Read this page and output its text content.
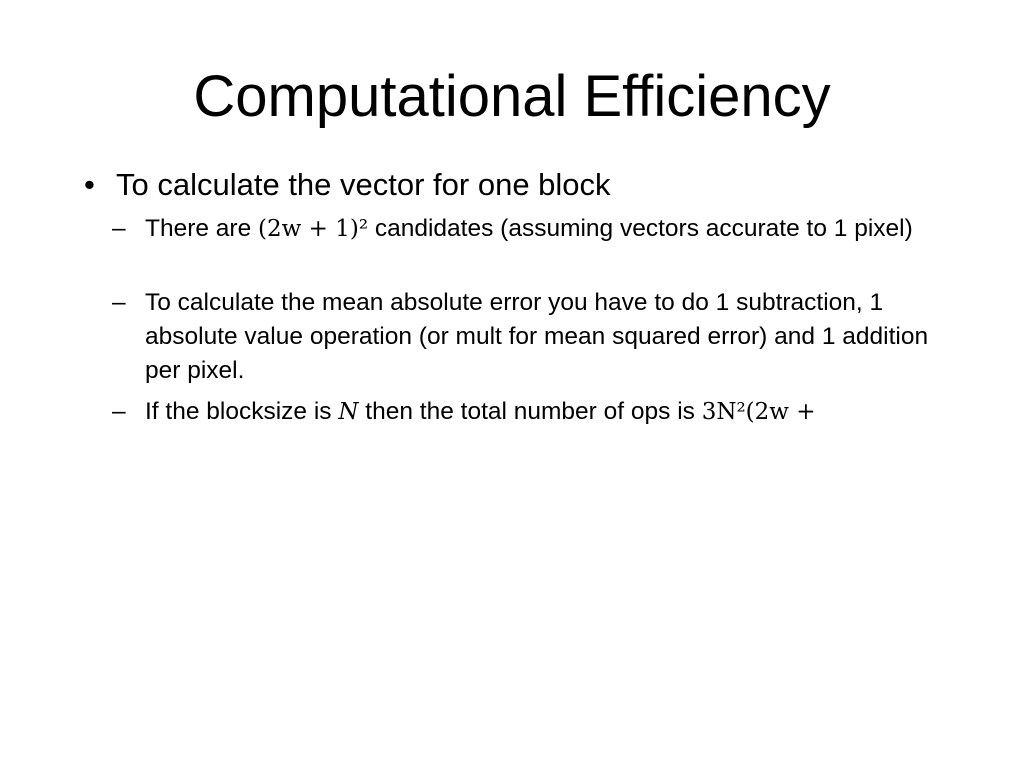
Computational Efficiency
• To calculate the vector for one block
– There are (2w + 1)² candidates (assuming vectors accurate to 1 pixel)
– To calculate the mean absolute error you have to do 1 subtraction, 1 absolute value operation (or mult for mean squared error) and 1 addition per pixel.
– If the blocksize is N then the total number of ops is 3N²(2w +
